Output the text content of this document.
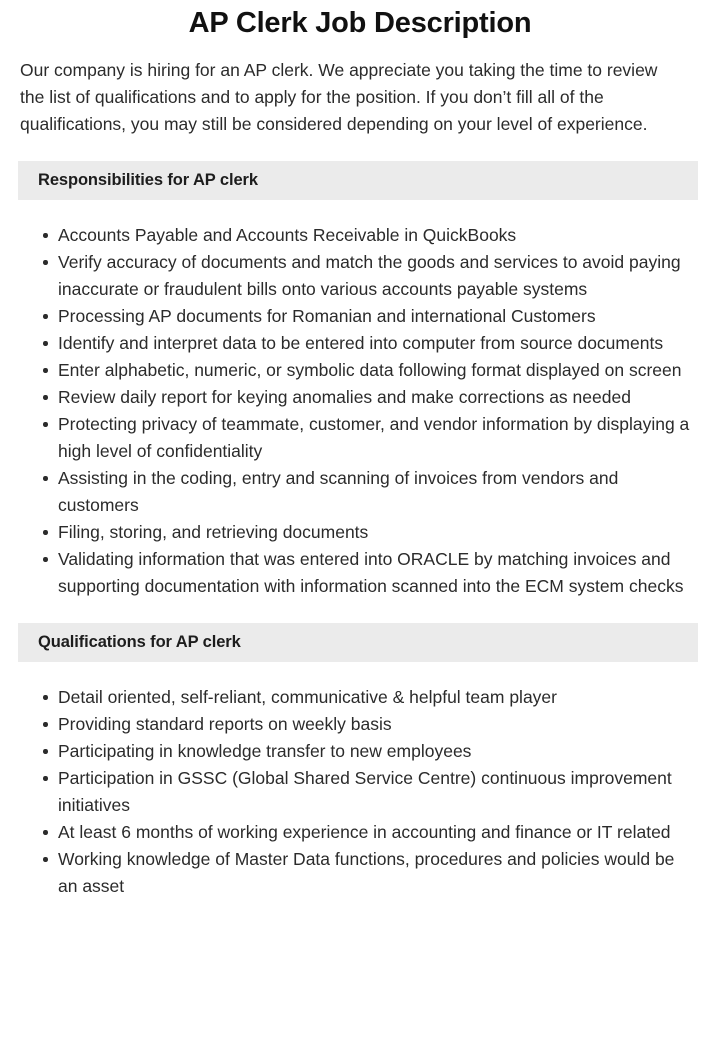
AP Clerk Job Description

Our company is hiring for an AP clerk. We appreciate you taking the time to review the list of qualifications and to apply for the position. If you don’t fill all of the qualifications, you may still be considered depending on your level of experience.

Responsibilities for AP clerk
Accounts Payable and Accounts Receivable in QuickBooks
Verify accuracy of documents and match the goods and services to avoid paying inaccurate or fraudulent bills onto various accounts payable systems
Processing AP documents for Romanian and international Customers
Identify and interpret data to be entered into computer from source documents
Enter alphabetic, numeric, or symbolic data following format displayed on screen
Review daily report for keying anomalies and make corrections as needed
Protecting privacy of teammate, customer, and vendor information by displaying a high level of confidentiality
Assisting in the coding, entry and scanning of invoices from vendors and customers
Filing, storing, and retrieving documents
Validating information that was entered into ORACLE by matching invoices and supporting documentation with information scanned into the ECM system checks
Qualifications for AP clerk
Detail oriented, self-reliant, communicative & helpful team player
Providing standard reports on weekly basis
Participating in knowledge transfer to new employees
Participation in GSSC (Global Shared Service Centre) continuous improvement initiatives
At least 6 months of working experience in accounting and finance or IT related
Working knowledge of Master Data functions, procedures and policies would be an asset
